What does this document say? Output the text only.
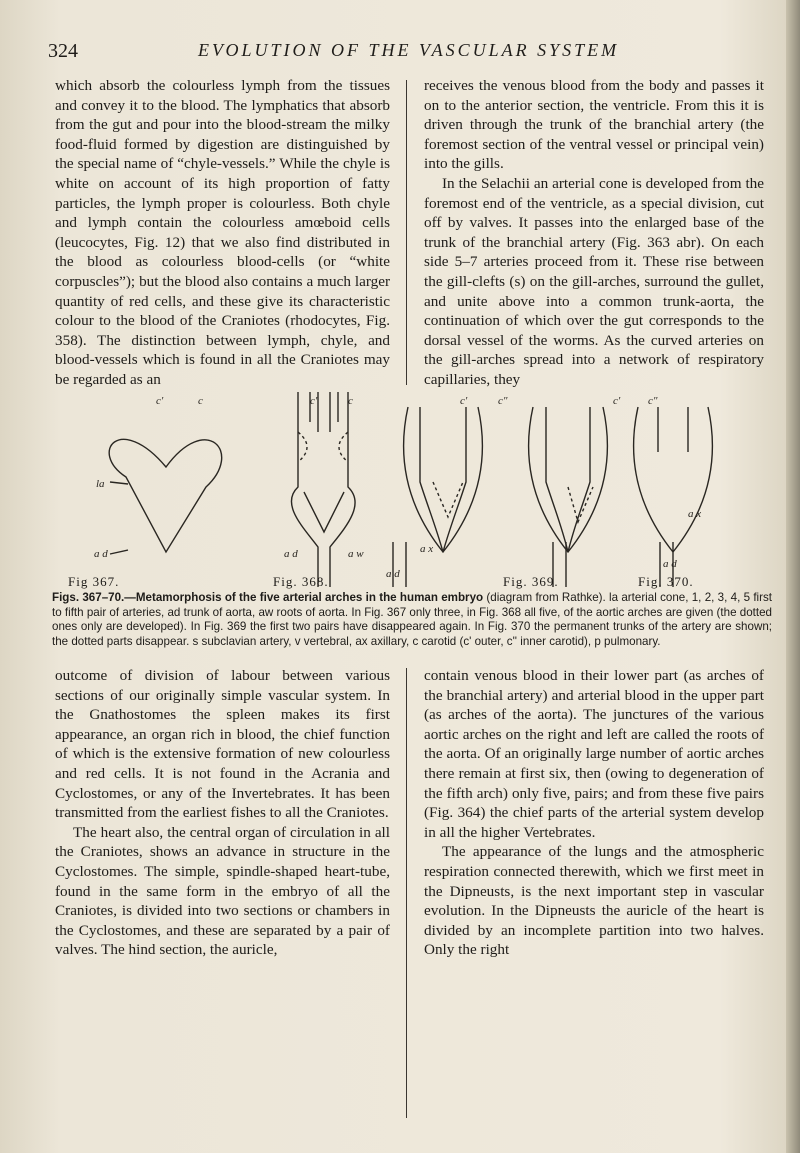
324	EVOLUTION OF THE VASCULAR SYSTEM

which absorb the colourless lymph from the tissues and convey it to the blood. The lymphatics that absorb from the gut and pour into the blood-stream the milky food-fluid formed by digestion are distinguished by the special name of “chyle-vessels.” While the chyle is white on account of its high proportion of fatty particles, the lymph proper is colourless. Both chyle and lymph contain the colourless amœboid cells (leucocytes, Fig. 12) that we also find distributed in the blood as colourless blood-cells (or “white corpuscles”); but the blood also contains a much larger quantity of red cells, and these give its characteristic colour to the blood of the Craniotes (rhodocytes, Fig. 358). The distinction between lymph, chyle, and blood-vessels which is found in all the Craniotes may be regarded as an

receives the venous blood from the body and passes it on to the anterior section, the ventricle. From this it is driven through the trunk of the branchial artery (the foremost section of the ventral vessel or principal vein) into the gills.

In the Selachii an arterial cone is developed from the foremost end of the ventricle, as a special division, cut off by valves. It passes into the enlarged base of the trunk of the branchial artery (Fig. 363 abr). On each side 5–7 arteries proceed from it. These rise between the gill-clefts (s) on the gill-arches, surround the gullet, and unite above into a common trunk-aorta, the continuation of which over the gut corresponds to the dorsal vessel of the worms. As the curved arteries on the gill-arches spread into a network of respiratory capillaries, they

c'	c
la
a d
c'	c
a d	a w
c'	c"
a d
a x
c'	c"
a x
a d
Fig 367.	Fig. 368.	Fig. 369.	Fig. 370.
Figs. 367–70.—Metamorphosis of the five arterial arches in the human embryo (diagram from Rathke). la arterial cone, 1, 2, 3, 4, 5 first to fifth pair of arteries, ad trunk of aorta, aw roots of aorta. In Fig. 367 only three, in Fig. 368 all five, of the aortic arches are given (the dotted ones only are developed). In Fig. 369 the first two pairs have disappeared again. In Fig. 370 the permanent trunks of the artery are shown; the dotted parts disappear. s subclavian artery, v vertebral, ax axillary, c carotid (c' outer, c'' inner carotid), p pulmonary.

outcome of division of labour between various sections of our originally simple vascular system. In the Gnathostomes the spleen makes its first appearance, an organ rich in blood, the chief function of which is the extensive formation of new colourless and red cells. It is not found in the Acrania and Cyclostomes, or any of the Invertebrates. It has been transmitted from the earliest fishes to all the Craniotes.

The heart also, the central organ of circulation in all the Craniotes, shows an advance in structure in the Cyclostomes. The simple, spindle-shaped heart-tube, found in the same form in the embryo of all the Craniotes, is divided into two sections or chambers in the Cyclostomes, and these are separated by a pair of valves. The hind section, the auricle,

contain venous blood in their lower part (as arches of the branchial artery) and arterial blood in the upper part (as arches of the aorta). The junctures of the various aortic arches on the right and left are called the roots of the aorta. Of an originally large number of aortic arches there remain at first six, then (owing to degeneration of the fifth arch) only five, pairs; and from these five pairs (Fig. 364) the chief parts of the arterial system develop in all the higher Vertebrates.

The appearance of the lungs and the atmospheric respiration connected therewith, which we first meet in the Dipneusts, is the next important step in vascular evolution. In the Dipneusts the auricle of the heart is divided by an incomplete partition into two halves. Only the right
